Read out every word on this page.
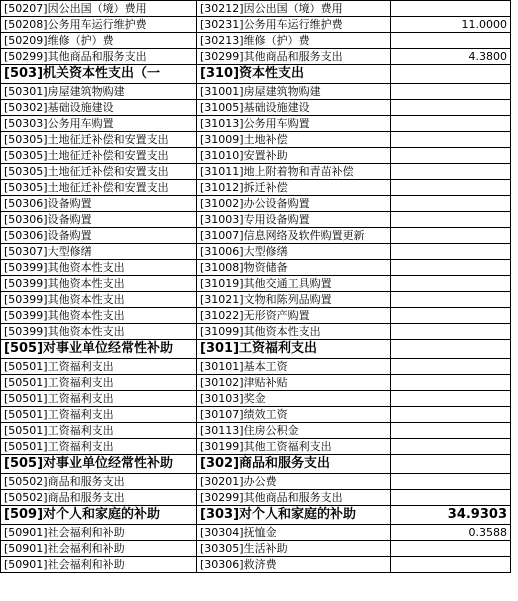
[50207]因公出国（境）费用	[30212]因公出国（境）费用	
[50208]公务用车运行维护费	[30231]公务用车运行维护费	11.0000
[50209]维修（护）费	[30213]维修（护）费	
[50299]其他商品和服务支出	[30299]其他商品和服务支出	4.3800
[503]机关资本性支出（一	[310]资本性支出	
[50301]房屋建筑物购建	[31001]房屋建筑物购建	
[50302]基础设施建设	[31005]基础设施建设	
[50303]公务用车购置	[31013]公务用车购置	
[50305]土地征迁补偿和安置支出	[31009]土地补偿	
[50305]土地征迁补偿和安置支出	[31010]安置补助	
[50305]土地征迁补偿和安置支出	[31011]地上附着物和青苗补偿	
[50305]土地征迁补偿和安置支出	[31012]拆迁补偿	
[50306]设备购置	[31002]办公设备购置	
[50306]设备购置	[31003]专用设备购置	
[50306]设备购置	[31007]信息网络及软件购置更新	
[50307]大型修缮	[31006]大型修缮	
[50399]其他资本性支出	[31008]物资储备	
[50399]其他资本性支出	[31019]其他交通工具购置	
[50399]其他资本性支出	[31021]文物和陈列品购置	
[50399]其他资本性支出	[31022]无形资产购置	
[50399]其他资本性支出	[31099]其他资本性支出	
[505]对事业单位经常性补助	[301]工资福利支出	
[50501]工资福利支出	[30101]基本工资	
[50501]工资福利支出	[30102]津贴补贴	
[50501]工资福利支出	[30103]奖金	
[50501]工资福利支出	[30107]绩效工资	
[50501]工资福利支出	[30113]住房公积金	
[50501]工资福利支出	[30199]其他工资福利支出	
[505]对事业单位经常性补助	[302]商品和服务支出	
[50502]商品和服务支出	[30201]办公费	
[50502]商品和服务支出	[30299]其他商品和服务支出	
[509]对个人和家庭的补助	[303]对个人和家庭的补助	34.9303
[50901]社会福利和补助	[30304]抚恤金	0.3588
[50901]社会福利和补助	[30305]生活补助	
[50901]社会福利和补助	[30306]救济费	
